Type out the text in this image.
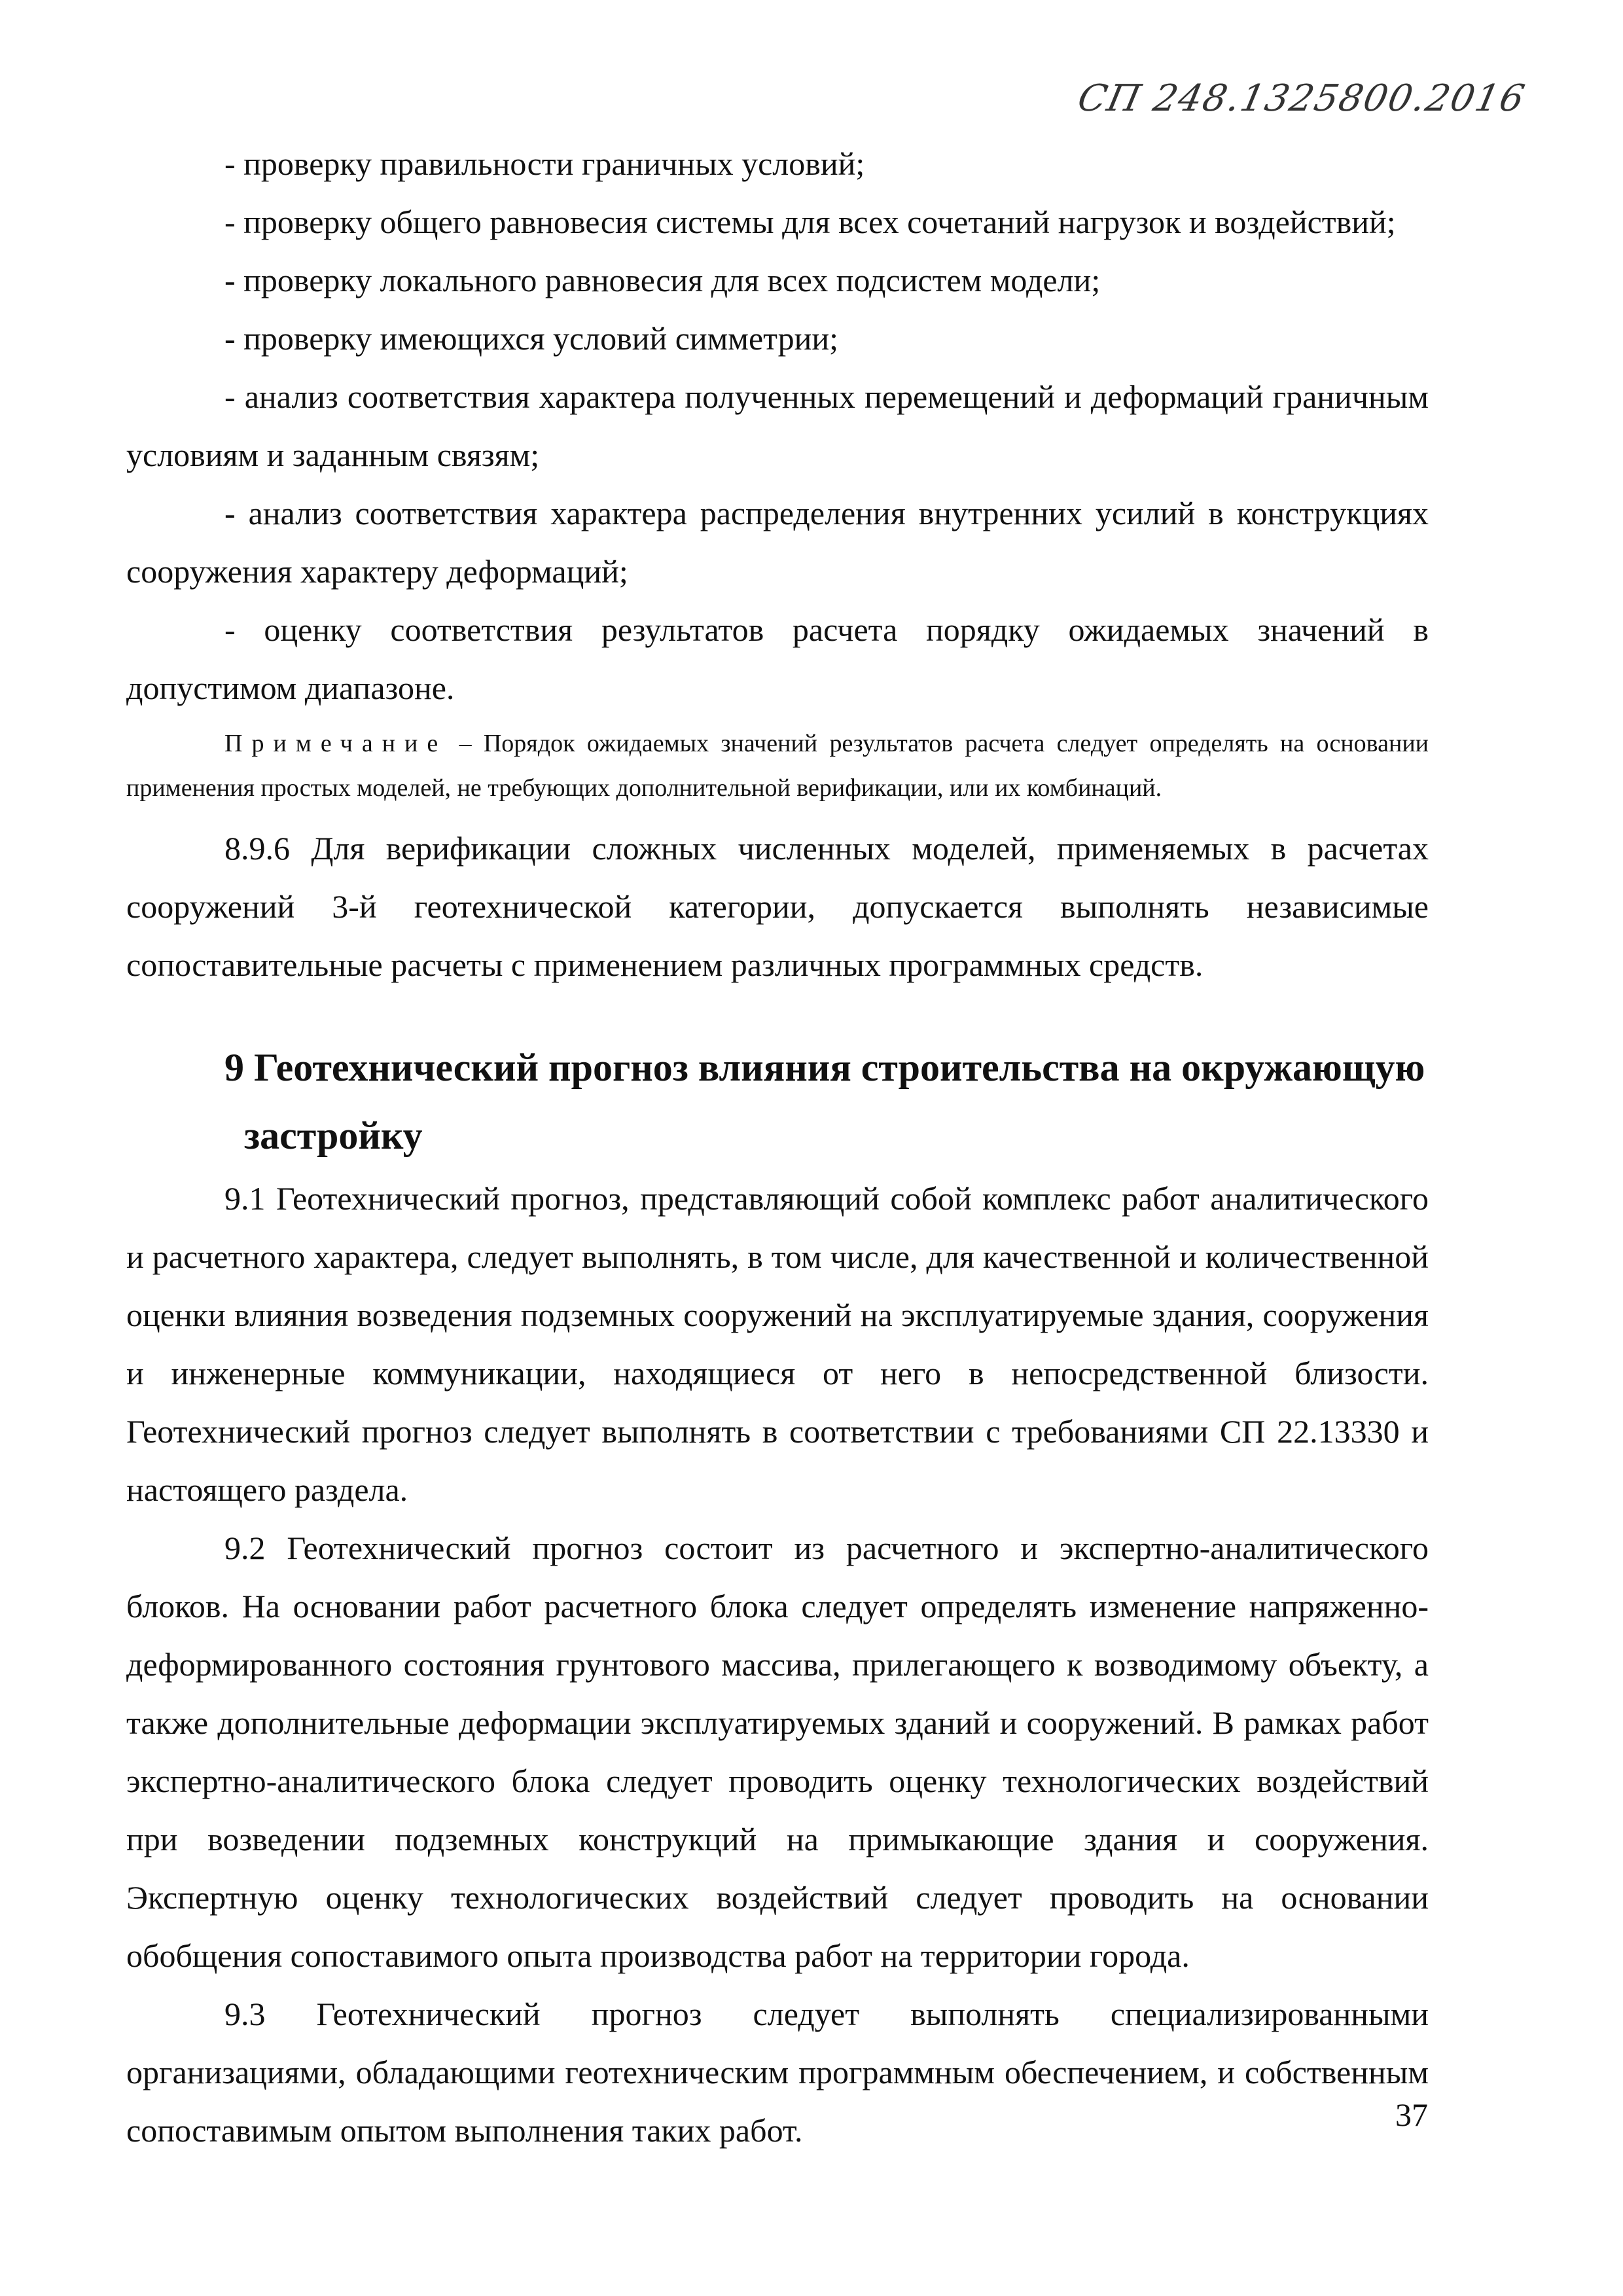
СП 248.1325800.2016

- проверку правильности граничных условий;

- проверку общего равновесия системы для всех сочетаний нагрузок и воздействий;

- проверку локального равновесия для всех подсистем модели;

- проверку имеющихся условий симметрии;

- анализ соответствия характера полученных перемещений и деформаций граничным условиям и заданным связям;

- анализ соответствия характера распределения внутренних усилий в конструкциях сооружения характеру деформаций;

- оценку соответствия результатов расчета порядку ожидаемых значений в допустимом диапазоне.

Примечание – Порядок ожидаемых значений результатов расчета следует определять на основании применения простых моделей, не требующих дополнительной верификации, или их комбинаций.

8.9.6 Для верификации сложных численных моделей, применяемых в расчетах сооружений 3-й геотехнической категории, допускается выполнять независимые сопоставительные расчеты с применением различных программных средств.

9 Геотехнический прогноз влияния строительства на окружающую
застройку

9.1 Геотехнический прогноз, представляющий собой комплекс работ аналитического и расчетного характера, следует выполнять, в том числе, для качественной и количественной оценки влияния возведения подземных сооружений на эксплуатируемые здания, сооружения и инженерные коммуникации, находящиеся от него в непосредственной близости. Геотехнический прогноз следует выполнять в соответствии с требованиями СП 22.13330 и настоящего раздела.

9.2 Геотехнический прогноз состоит из расчетного и экспертно-аналитического блоков. На основании работ расчетного блока следует определять изменение напряженно-деформированного состояния грунтового массива, прилегающего к возводимому объекту, а также дополнительные деформации эксплуатируемых зданий и сооружений. В рамках работ экспертно-аналитического блока следует проводить оценку технологических воздействий при возведении подземных конструкций на примыкающие здания и сооружения. Экспертную оценку технологических воздействий следует проводить на основании обобщения сопоставимого опыта производства работ на территории города.

9.3 Геотехнический прогноз следует выполнять специализированными организациями, обладающими геотехническим программным обеспечением, и собственным сопоставимым опытом выполнения таких работ.	37
